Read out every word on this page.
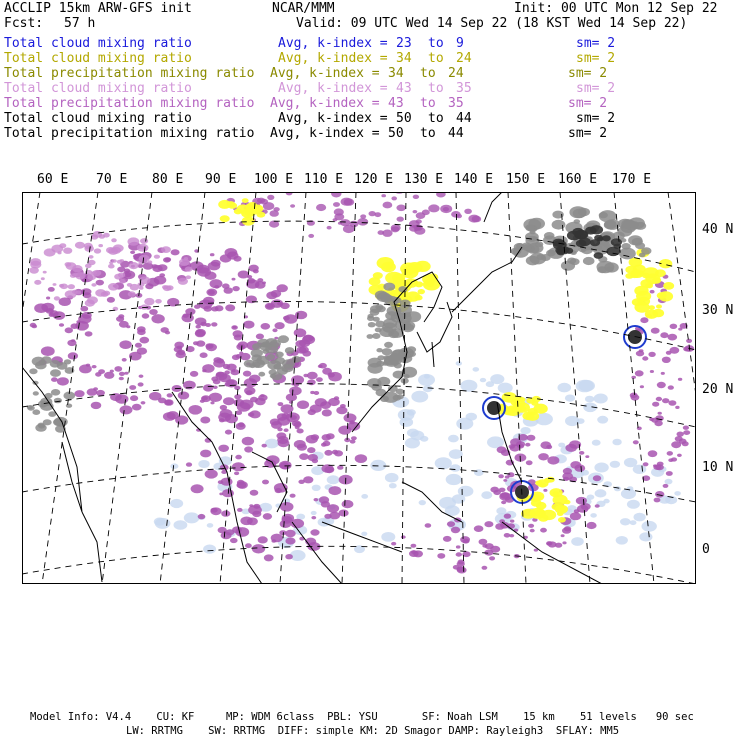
ACCLIP 15km ARW-GFS init	NCAR/MMM	Init: 00 UTC Mon 12 Sep 22
Fcst: 57 h	Valid: 09 UTC Wed 14 Sep 22 (18 KST Wed 14 Sep 22)
Total cloud mixing ratio	Avg, k-index = 23 to 9	sm= 2
Total cloud mixing ratio	Avg, k-index = 34 to 24	sm= 2
Total precipitation mixing ratio Avg, k-index = 34 to 24	sm= 2
Total cloud mixing ratio	Avg, k-index = 43 to 35	sm= 2
Total precipitation mixing ratio Avg, k-index = 43 to 35	sm= 2
Total cloud mixing ratio	Avg, k-index = 50 to 44	sm= 2
Total precipitation mixing ratio Avg, k-index = 50 to 44	sm= 2
60 E 70 E 80 E 90 E 100 E 110 E 120 E 130 E 140 E 150 E 160 E 170 E
40 N
30 N
20 N
10 N
0
Model Info: V4.4    CU: KF     MP: WDM 6class  PBL: YSU       SF: Noah LSM    15 km    51 levels   90 sec
LW: RRTMG    SW: RRTMG  DIFF: simple KM: 2D Smagor DAMP: Rayleigh3  SFLAY: MM5
